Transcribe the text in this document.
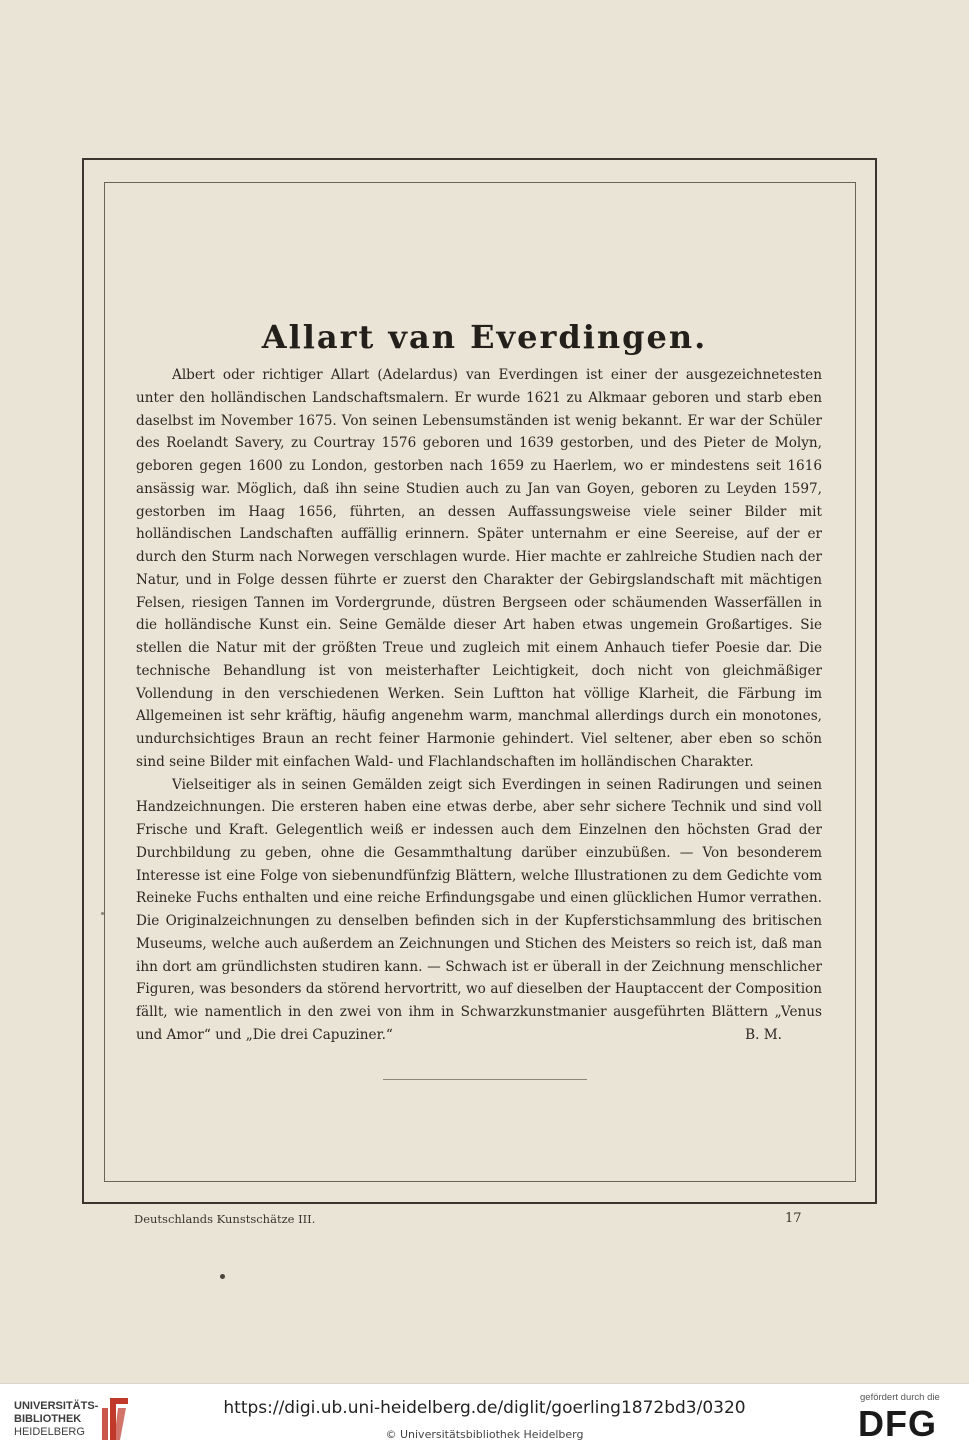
Allart van Everdingen.

Albert oder richtiger Allart (Adelardus) van Everdingen ist einer der ausgezeichnetesten unter den holländischen Landschaftsmalern. Er wurde 1621 zu Alkmaar geboren und starb eben daselbst im November 1675. Von seinen Lebensumständen ist wenig bekannt. Er war der Schüler des Roelandt Savery, zu Courtray 1576 geboren und 1639 gestorben, und des Pieter de Molyn, geboren gegen 1600 zu London, gestorben nach 1659 zu Haerlem, wo er mindestens seit 1616 ansässig war. Möglich, daß ihn seine Studien auch zu Jan van Goyen, geboren zu Leyden 1597, gestorben im Haag 1656, führten, an dessen Auffassungsweise viele seiner Bilder mit holländischen Landschaften auffällig erinnern. Später unternahm er eine Seereise, auf der er durch den Sturm nach Norwegen verschlagen wurde. Hier machte er zahlreiche Studien nach der Natur, und in Folge dessen führte er zuerst den Charakter der Gebirgslandschaft mit mächtigen Felsen, riesigen Tannen im Vordergrunde, düstren Bergseen oder schäumenden Wasserfällen in die holländische Kunst ein. Seine Gemälde dieser Art haben etwas ungemein Großartiges. Sie stellen die Natur mit der größten Treue und zugleich mit einem Anhauch tiefer Poesie dar. Die technische Behandlung ist von meisterhafter Leichtigkeit, doch nicht von gleichmäßiger Vollendung in den verschiedenen Werken. Sein Luftton hat völlige Klarheit, die Färbung im Allgemeinen ist sehr kräftig, häufig angenehm warm, manchmal allerdings durch ein monotones, undurchsichtiges Braun an recht feiner Harmonie gehindert. Viel seltener, aber eben so schön sind seine Bilder mit einfachen Wald- und Flachlandschaften im holländischen Charakter.

Vielseitiger als in seinen Gemälden zeigt sich Everdingen in seinen Radirungen und seinen Handzeichnungen. Die ersteren haben eine etwas derbe, aber sehr sichere Technik und sind voll Frische und Kraft. Gelegentlich weiß er indessen auch dem Einzelnen den höchsten Grad der Durchbildung zu geben, ohne die Gesammthaltung darüber einzubüßen. — Von besonderem Interesse ist eine Folge von siebenundfünfzig Blättern, welche Illustrationen zu dem Gedichte vom Reineke Fuchs enthalten und eine reiche Erfindungsgabe und einen glücklichen Humor verrathen. Die Originalzeichnungen zu denselben befinden sich in der Kupferstichsammlung des britischen Museums, welche auch außerdem an Zeichnungen und Stichen des Meisters so reich ist, daß man ihn dort am gründlichsten studiren kann. — Schwach ist er überall in der Zeichnung menschlicher Figuren, was besonders da störend hervortritt, wo auf dieselben der Hauptaccent der Composition fällt, wie namentlich in den zwei von ihm in Schwarzkunstmanier ausgeführten Blättern „Venus und Amor“ und „Die drei Capuziner.“	B. M.

Deutschlands Kunstschätze III.	17
UNIVERSITÄTS-
BIBLIOTHEK
HEIDELBERG
https://digi.ub.uni-heidelberg.de/diglit/goerling1872bd3/0320
© Universitätsbibliothek Heidelberg
gefördert durch die
DFG
